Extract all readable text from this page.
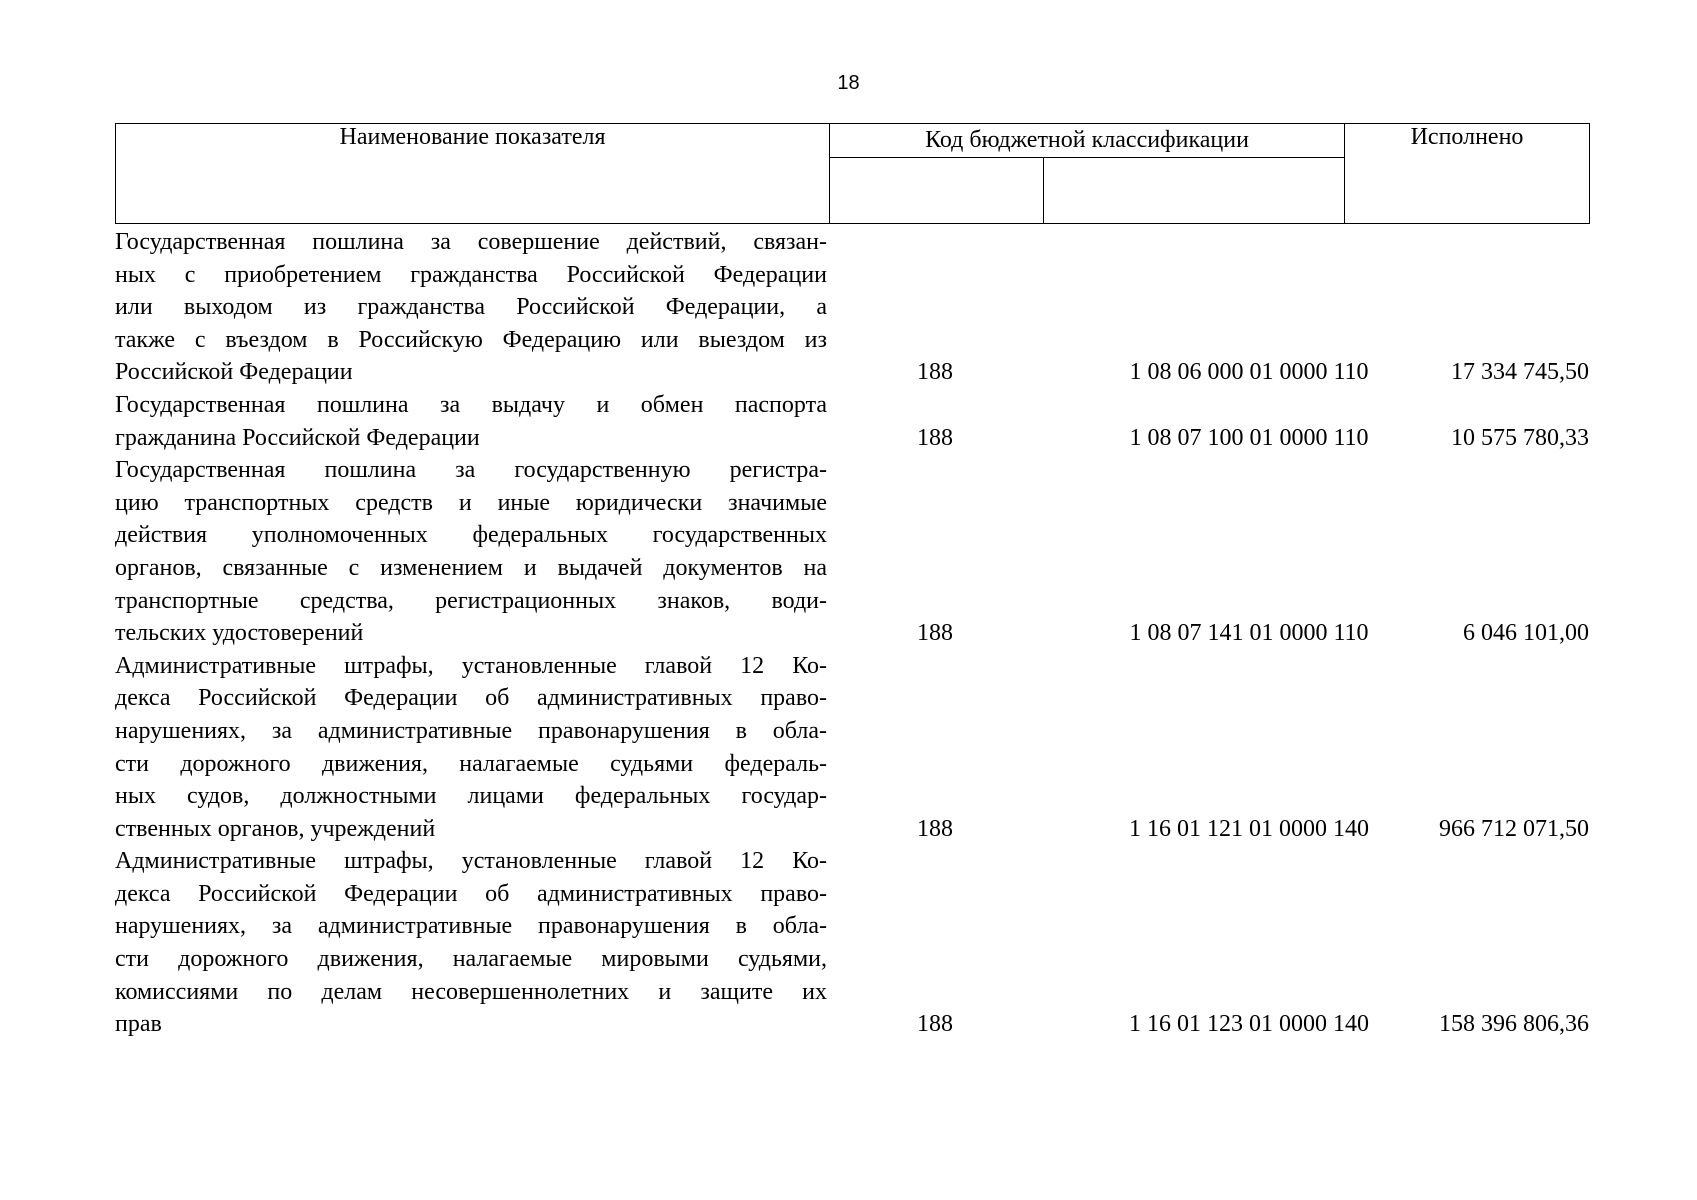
18
Наименование показателя	Код бюджетной классификации		Исполнено

Государственная пошлина за совершение действий, связан-
ных с приобретением гражданства Российской Федерации
или выходом из гражданства Российской Федерации, а
также с въездом в Российскую Федерацию или выездом из
Российской Федерации	188	1 08 06 000 01 0000 110	17 334 745,50
Государственная пошлина за выдачу и обмен паспорта
гражданина Российской Федерации	188	1 08 07 100 01 0000 110	10 575 780,33
Государственная пошлина за государственную регистра-
цию транспортных средств и иные юридически значимые
действия уполномоченных федеральных государственных
органов, связанные с изменением и выдачей документов на
транспортные средства, регистрационных знаков, води-
тельских удостоверений	188	1 08 07 141 01 0000 110	6 046 101,00
Административные штрафы, установленные главой 12 Ко-
декса Российской Федерации об административных право-
нарушениях, за административные правонарушения в обла-
сти дорожного движения, налагаемые судьями федераль-
ных судов, должностными лицами федеральных государ-
ственных органов, учреждений	188	1 16 01 121 01 0000 140	966 712 071,50
Административные штрафы, установленные главой 12 Ко-
декса Российской Федерации об административных право-
нарушениях, за административные правонарушения в обла-
сти дорожного движения, налагаемые мировыми судьями,
комиссиями по делам несовершеннолетних и защите их
прав	188	1 16 01 123 01 0000 140	158 396 806,36
